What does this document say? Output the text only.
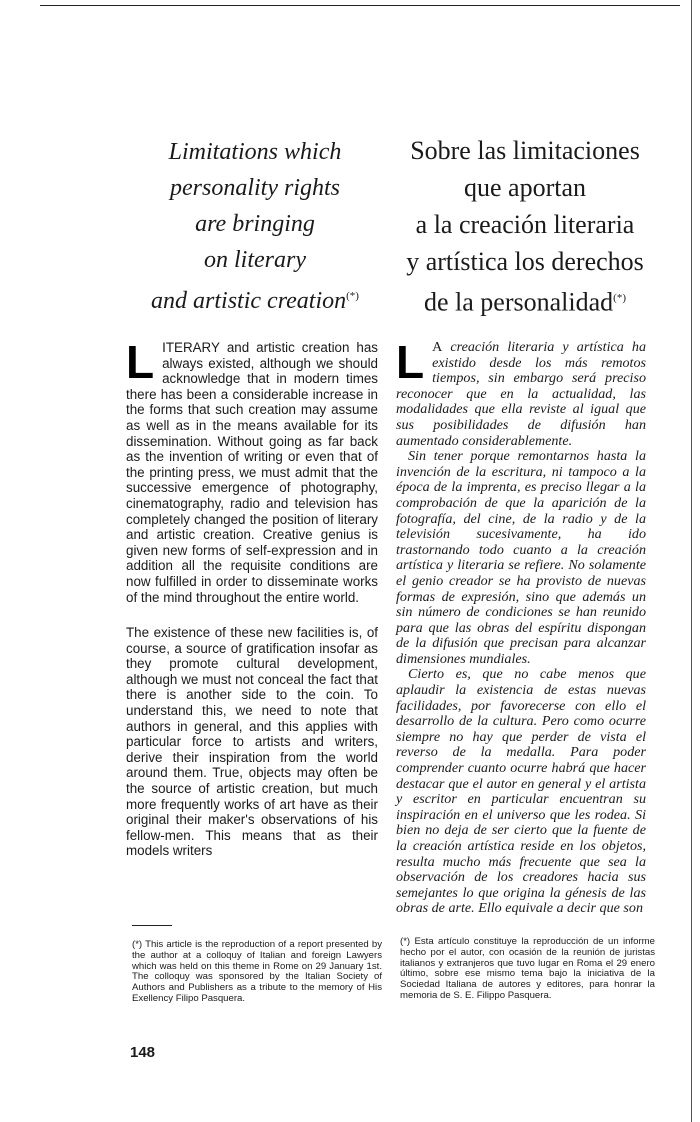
Limitations which
personality rights
are bringing
on literary
and artistic creation(*)
Sobre las limitaciones
que aportan
a la creación literaria
y artística los derechos
de la personalidad(*)

LITERARY and artistic creation has always existed, although we should acknowledge that in modern times there has been a considerable increase in the forms that such creation may assume as well as in the means available for its dissemination. Without going as far back as the invention of writing or even that of the printing press, we must admit that the successive emergence of photography, cinematography, radio and television has completely changed the position of literary and artistic creation. Creative genius is given new forms of self-expression and in addition all the requisite conditions are now fulfilled in order to disseminate works of the mind throughout the entire world.

The existence of these new facilities is, of course, a source of gratification insofar as they promote cultural development, although we must not conceal the fact that there is another side to the coin. To understand this, we need to note that authors in general, and this applies with particular force to artists and writers, derive their inspiration from the world around them. True, objects may often be the source of artistic creation, but much more frequently works of art have as their original their maker's observations of his fellow-men. This means that as their models writers

L A creación literaria y artística ha existido desde los más remotos tiempos, sin embargo será preciso reconocer que en la actualidad, las modalidades que ella reviste al igual que sus posibilidades de difusión han aumentado considerablemente.

Sin tener porque remontarnos hasta la invención de la escritura, ni tampoco a la época de la imprenta, es preciso llegar a la comprobación de que la aparición de la fotografía, del cine, de la radio y de la televisión sucesivamente, ha ido trastornando todo cuanto a la creación artística y literaria se refiere. No solamente el genio creador se ha provisto de nuevas formas de expresión, sino que además un sin número de condiciones se han reunido para que las obras del espíritu dispongan de la difusión que precisan para alcanzar dimensiones mundiales.

Cierto es, que no cabe menos que aplaudir la existencia de estas nuevas facilidades, por favorecerse con ello el desarrollo de la cultura. Pero como ocurre siempre no hay que perder de vista el reverso de la medalla. Para poder comprender cuanto ocurre habrá que hacer destacar que el autor en general y el artista y escritor en particular encuentran su inspiración en el universo que les rodea. Si bien no deja de ser cierto que la fuente de la creación artística reside en los objetos, resulta mucho más frecuente que sea la observación de los creadores hacia sus semejantes lo que origina la génesis de las obras de arte. Ello equivale a decir que son

(*) This article is the reproduction of a report presented by the author at a colloquy of Italian and foreign Lawyers which was held on this theme in Rome on 29 January 1st. The colloquy was sponsored by the Italian Society of Authors and Publishers as a tribute to the memory of His Exellency Filipo Pasquera.
(*) Esta artículo constituye la reproducción de un informe hecho por el autor, con ocasión de la reunión de juristas italianos y extranjeros que tuvo lugar en Roma el 29 enero último, sobre ese mismo tema bajo la iniciativa de la Sociedad Italiana de autores y editores, para honrar la memoria de S. E. Filippo Pasquera.
148
